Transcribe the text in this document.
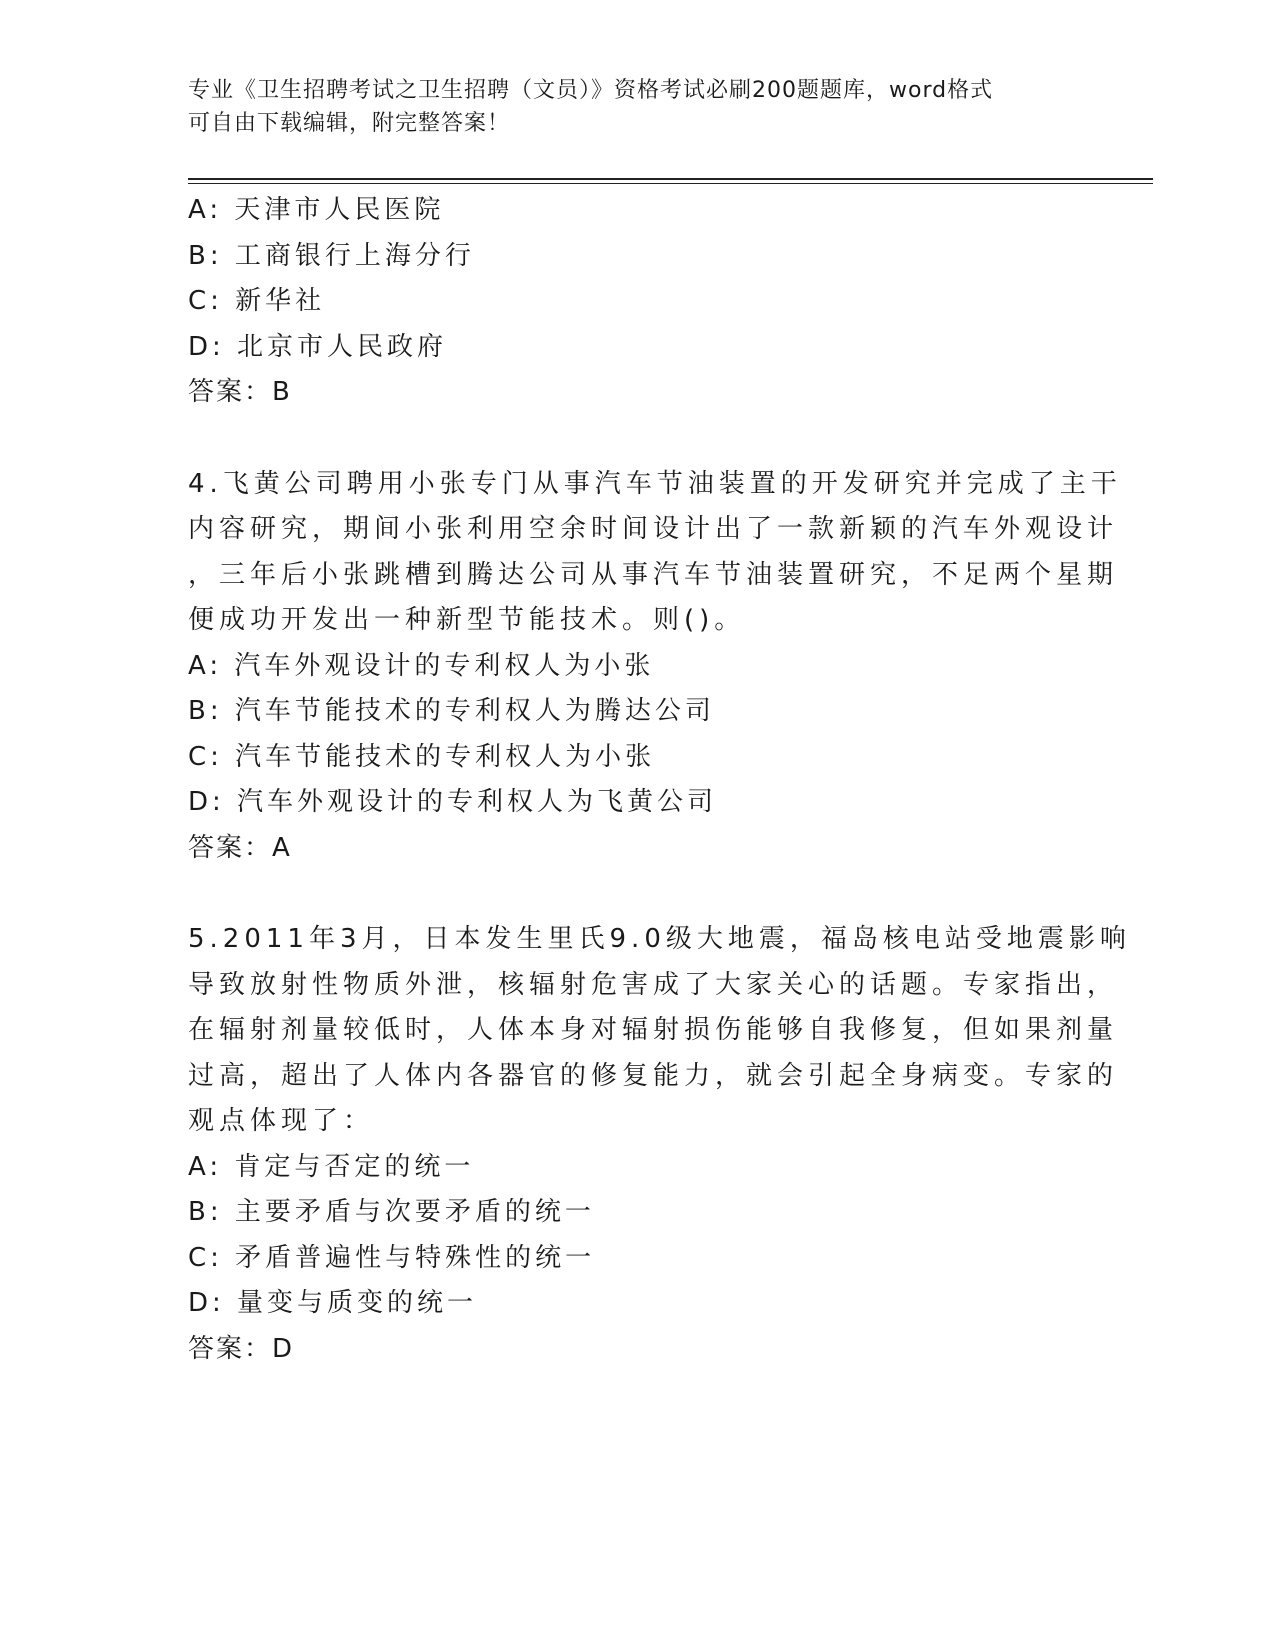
专业《卫生招聘考试之卫生招聘（文员）》资格考试必刷200题题库，word格式
可自由下载编辑，附完整答案！
A: 天津市人民医院
B: 工商银行上海分行
C: 新华社
D: 北京市人民政府
答案：B
4.飞黄公司聘用小张专门从事汽车节油装置的开发研究并完成了主干
内容研究，期间小张利用空余时间设计出了一款新颖的汽车外观设计
，三年后小张跳槽到腾达公司从事汽车节油装置研究，不足两个星期
便成功开发出一种新型节能技术。则()。
A: 汽车外观设计的专利权人为小张
B: 汽车节能技术的专利权人为腾达公司
C: 汽车节能技术的专利权人为小张
D: 汽车外观设计的专利权人为飞黄公司
答案：A
5.2011年3月，日本发生里氏9.0级大地震，福岛核电站受地震影响
导致放射性物质外泄，核辐射危害成了大家关心的话题。专家指出，
在辐射剂量较低时，人体本身对辐射损伤能够自我修复，但如果剂量
过高，超出了人体内各器官的修复能力，就会引起全身病变。专家的
观点体现了：
A: 肯定与否定的统一
B: 主要矛盾与次要矛盾的统一
C: 矛盾普遍性与特殊性的统一
D: 量变与质变的统一
答案：D
